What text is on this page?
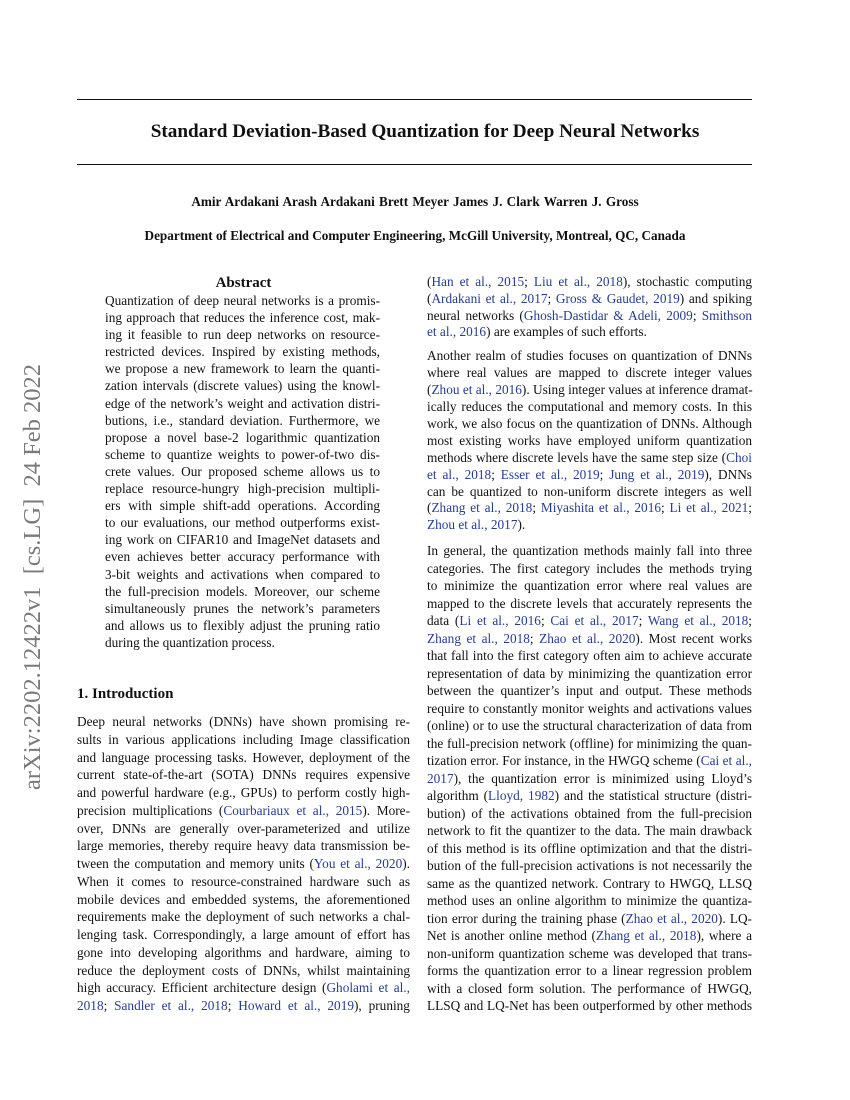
arXiv:2202.12422v1  [cs.LG]  24 Feb 2022
Standard Deviation-Based Quantization for Deep Neural Networks
Amir Ardakani Arash Ardakani Brett Meyer James J. Clark Warren J. Gross
Department of Electrical and Computer Engineering, McGill University, Montreal, QC, Canada
Abstract
Quantization of deep neural networks is a promis-
ing approach that reduces the inference cost, mak-
ing it feasible to run deep networks on resource-
restricted devices. Inspired by existing methods,
we propose a new framework to learn the quanti-
zation intervals (discrete values) using the knowl-
edge of the network’s weight and activation distri-
butions, i.e., standard deviation. Furthermore, we
propose a novel base-2 logarithmic quantization
scheme to quantize weights to power-of-two dis-
crete values. Our proposed scheme allows us to
replace resource-hungry high-precision multipli-
ers with simple shift-add operations. According
to our evaluations, our method outperforms exist-
ing work on CIFAR10 and ImageNet datasets and
even achieves better accuracy performance with
3-bit weights and activations when compared to
the full-precision models. Moreover, our scheme
simultaneously prunes the network’s parameters
and allows us to flexibly adjust the pruning ratio
during the quantization process.
1. Introduction
Deep neural networks (DNNs) have shown promising re-
sults in various applications including Image classification
and language processing tasks. However, deployment of the
current state-of-the-art (SOTA) DNNs requires expensive
and powerful hardware (e.g., GPUs) to perform costly high-
precision multiplications (Courbariaux et al., 2015). More-
over, DNNs are generally over-parameterized and utilize
large memories, thereby require heavy data transmission be-
tween the computation and memory units (You et al., 2020).
When it comes to resource-constrained hardware such as
mobile devices and embedded systems, the aforementioned
requirements make the deployment of such networks a chal-
lenging task. Correspondingly, a large amount of effort has
gone into developing algorithms and hardware, aiming to
reduce the deployment costs of DNNs, whilst maintaining
high accuracy. Efficient architecture design (Gholami et al.,
2018; Sandler et al., 2018; Howard et al., 2019), pruning
(Han et al., 2015; Liu et al., 2018), stochastic computing
(Ardakani et al., 2017; Gross & Gaudet, 2019) and spiking
neural networks (Ghosh-Dastidar & Adeli, 2009; Smithson
et al., 2016) are examples of such efforts.
Another realm of studies focuses on quantization of DNNs
where real values are mapped to discrete integer values
(Zhou et al., 2016). Using integer values at inference dramat-
ically reduces the computational and memory costs. In this
work, we also focus on the quantization of DNNs. Although
most existing works have employed uniform quantization
methods where discrete levels have the same step size (Choi
et al., 2018; Esser et al., 2019; Jung et al., 2019), DNNs
can be quantized to non-uniform discrete integers as well
(Zhang et al., 2018; Miyashita et al., 2016; Li et al., 2021;
Zhou et al., 2017).
In general, the quantization methods mainly fall into three
categories. The first category includes the methods trying
to minimize the quantization error where real values are
mapped to the discrete levels that accurately represents the
data (Li et al., 2016; Cai et al., 2017; Wang et al., 2018;
Zhang et al., 2018; Zhao et al., 2020). Most recent works
that fall into the first category often aim to achieve accurate
representation of data by minimizing the quantization error
between the quantizer’s input and output. These methods
require to constantly monitor weights and activations values
(online) or to use the structural characterization of data from
the full-precision network (offline) for minimizing the quan-
tization error. For instance, in the HWGQ scheme (Cai et al.,
2017), the quantization error is minimized using Lloyd’s
algorithm (Lloyd, 1982) and the statistical structure (distri-
bution) of the activations obtained from the full-precision
network to fit the quantizer to the data. The main drawback
of this method is its offline optimization and that the distri-
bution of the full-precision activations is not necessarily the
same as the quantized network. Contrary to HWGQ, LLSQ
method uses an online algorithm to minimize the quantiza-
tion error during the training phase (Zhao et al., 2020). LQ-
Net is another online method (Zhang et al., 2018), where a
non-uniform quantization scheme was developed that trans-
forms the quantization error to a linear regression problem
with a closed form solution. The performance of HWGQ,
LLSQ and LQ-Net has been outperformed by other methods
